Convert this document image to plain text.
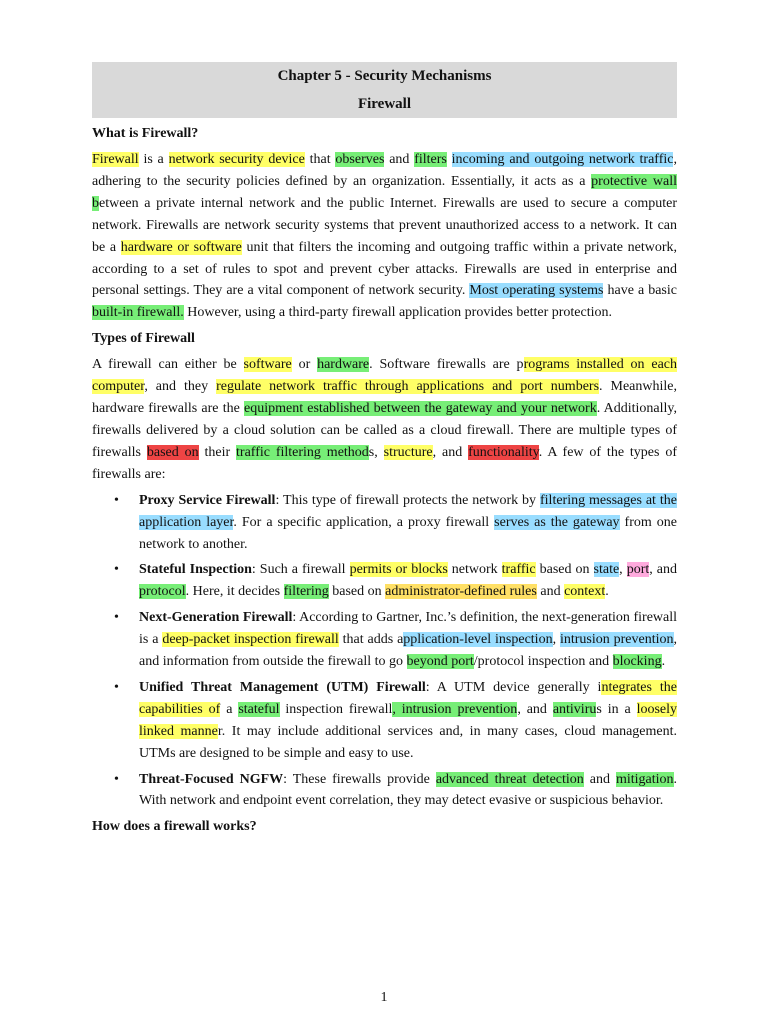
Chapter 5 - Security Mechanisms
Firewall
What is Firewall?

Firewall is a network security device that observes and filters incoming and outgoing network traffic, adhering to the security policies defined by an organization. Essentially, it acts as a protective wall between a private internal network and the public Internet. Firewalls are used to secure a computer network. Firewalls are network security systems that prevent unauthorized access to a network. It can be a hardware or software unit that filters the incoming and outgoing traffic within a private network, according to a set of rules to spot and prevent cyber attacks. Firewalls are used in enterprise and personal settings. They are a vital component of network security. Most operating systems have a basic built-in firewall. However, using a third-party firewall application provides better protection.

Types of Firewall

A firewall can either be software or hardware. Software firewalls are programs installed on each computer, and they regulate network traffic through applications and port numbers. Meanwhile, hardware firewalls are the equipment established between the gateway and your network. Additionally, firewalls delivered by a cloud solution can be called as a cloud firewall. There are multiple types of firewalls based on their traffic filtering methods, structure, and functionality. A few of the types of firewalls are:

• Proxy Service Firewall: This type of firewall protects the network by filtering messages at the application layer. For a specific application, a proxy firewall serves as the gateway from one network to another.
• Stateful Inspection: Such a firewall permits or blocks network traffic based on state, port, and protocol. Here, it decides filtering based on administrator-defined rules and context.
• Next-Generation Firewall: According to Gartner, Inc.’s definition, the next-generation firewall is a deep-packet inspection firewall that adds application-level inspection, intrusion prevention, and information from outside the firewall to go beyond port/protocol inspection and blocking.
• Unified Threat Management (UTM) Firewall: A UTM device generally integrates the capabilities of a stateful inspection firewall, intrusion prevention, and antivirus in a loosely linked manner. It may include additional services and, in many cases, cloud management. UTMs are designed to be simple and easy to use.
• Threat-Focused NGFW: These firewalls provide advanced threat detection and mitigation. With network and endpoint event correlation, they may detect evasive or suspicious behavior.
How does a firewall works?
1
